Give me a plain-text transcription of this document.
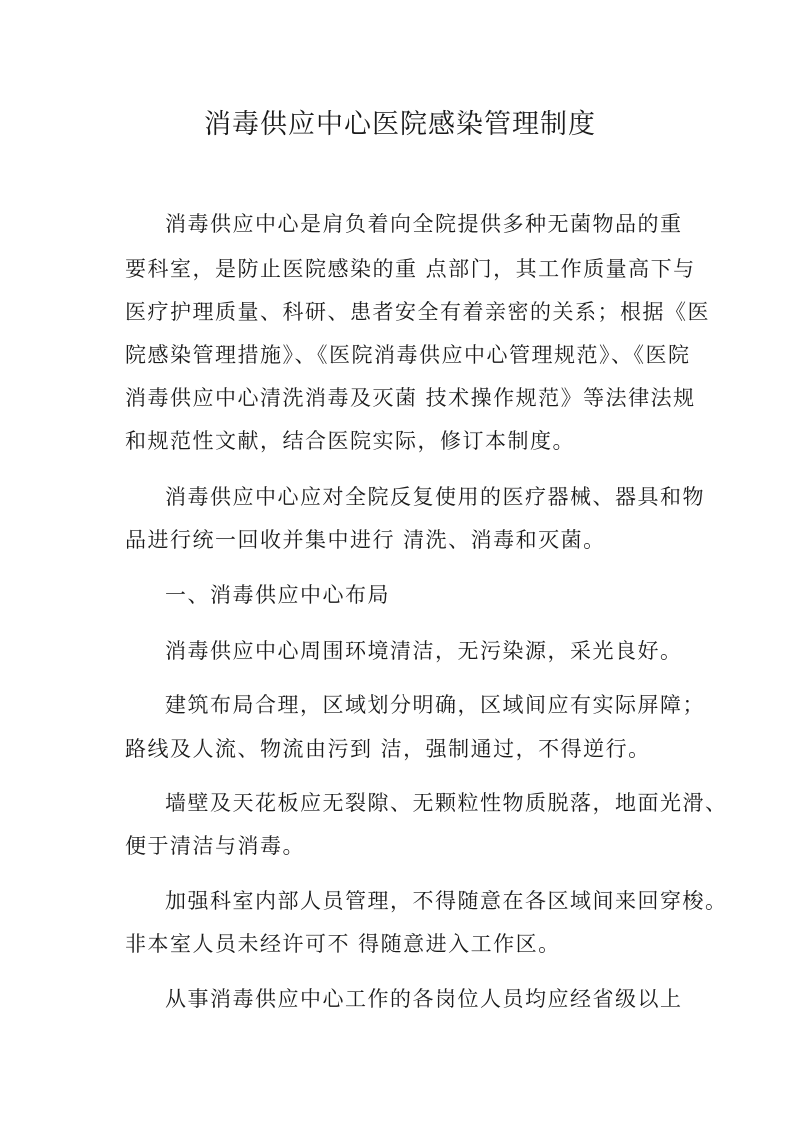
消毒供应中心医院感染管理制度

消毒供应中心是肩负着向全院提供多种无菌物品的重

要科室，是防止医院感染的重 点部门，其工作质量高下与

医疗护理质量、科研、患者安全有着亲密的关系；根据《医

院感染管理措施》、《医院消毒供应中心管理规范》、《医院

消毒供应中心清洗消毒及灭菌 技术操作规范》等法律法规

和规范性文献，结合医院实际，修订本制度。

消毒供应中心应对全院反复使用的医疗器械、器具和物

品进行统一回收并集中进行 清洗、消毒和灭菌。

一、消毒供应中心布局

消毒供应中心周围环境清洁，无污染源，采光良好。

建筑布局合理，区域划分明确，区域间应有实际屏障；

路线及人流、物流由污到 洁，强制通过，不得逆行。

墙壁及天花板应无裂隙、无颗粒性物质脱落，地面光滑、

便于清洁与消毒。

加强科室内部人员管理，不得随意在各区域间来回穿梭。

非本室人员未经许可不 得随意进入工作区。

从事消毒供应中心工作的各岗位人员均应经省级以上
